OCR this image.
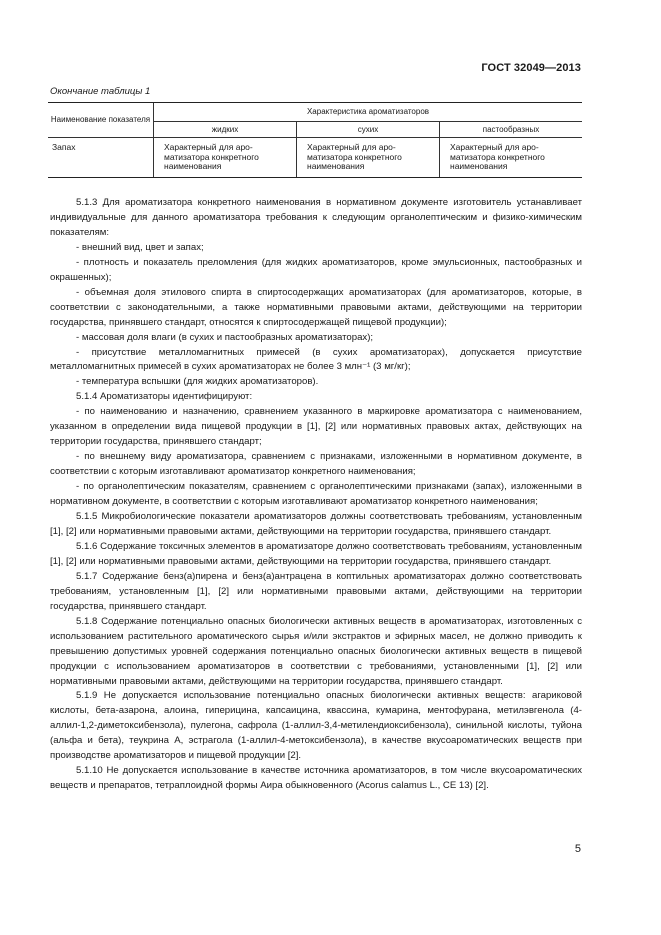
ГОСТ 32049—2013
Окончание таблицы 1
Наименование показателя	Характеристика ароматизаторов		
	жидких	сухих	пастообразных
Запах	Характерный для аро-матизатора конкретного наименования	Характерный для аро-матизатора конкретного наименования	Характерный для аро-матизатора конкретного наименования

5.1.3 Для ароматизатора конкретного наименования в нормативном документе изготовитель устанавливает индивидуальные для данного ароматизатора требования к следующим органолептическим и физико-химическим показателям:

- внешний вид, цвет и запах;

- плотность и показатель преломления (для жидких ароматизаторов, кроме эмульсионных, пастообразных и окрашенных);

- объемная доля этилового спирта в спиртосодержащих ароматизаторах (для ароматизаторов, которые, в соответствии с законодательными, а также нормативными правовыми актами, действующими на территории государства, принявшего стандарт, относятся к спиртосодержащей пищевой продукции);

- массовая доля влаги (в сухих и пастообразных ароматизаторах);

- присутствие металломагнитных примесей (в сухих ароматизаторах), допускается присутствие металломагнитных примесей в сухих ароматизаторах не более 3 млн⁻¹ (3 мг/кг);

- температура вспышки (для жидких ароматизаторов).

5.1.4 Ароматизаторы идентифицируют:

- по наименованию и назначению, сравнением указанного в маркировке ароматизатора с наименованием, указанном в определении вида пищевой продукции в [1], [2] или нормативных правовых актах, действующих на территории государства, принявшего стандарт;

- по внешнему виду ароматизатора, сравнением с признаками, изложенными в нормативном документе, в соответствии с которым изготавливают ароматизатор конкретного наименования;

- по органолептическим показателям, сравнением с органолептическими признаками (запах), изложенными в нормативном документе, в соответствии с которым изготавливают ароматизатор конкретного наименования;

5.1.5 Микробиологические показатели ароматизаторов должны соответствовать требованиям, установленным [1], [2] или нормативными правовыми актами, действующими на территории государства, принявшего стандарт.

5.1.6 Содержание токсичных элементов в ароматизаторе должно соответствовать требованиям, установленным [1], [2] или нормативными правовыми актами, действующими на территории государства, принявшего стандарт.

5.1.7 Содержание бенз(а)пирена и бенз(а)антрацена в коптильных ароматизаторах должно соответствовать требованиям, установленным [1], [2] или нормативными правовыми актами, действующими на территории государства, принявшего стандарт.

5.1.8 Содержание потенциально опасных биологически активных веществ в ароматизаторах, изготовленных с использованием растительного ароматического сырья и/или экстрактов и эфирных масел, не должно приводить к превышению допустимых уровней содержания потенциально опасных биологически активных веществ в пищевой продукции с использованием ароматизаторов в соответствии с требованиями, установленными [1], [2] или нормативными правовыми актами, действующими на территории государства, принявшего стандарт.

5.1.9 Не допускается использование потенциально опасных биологически активных веществ: агариковой кислоты, бета-азарона, алоина, гиперицина, капсаицина, квассина, кумарина, ментофурана, метилэвгенола (4-аллил-1,2-диметоксибензола), пулегона, сафрола (1-аллил-3,4-метилендиоксибензола), синильной кислоты, туйона (альфа и бета), теукрина А, эстрагола (1-аллил-4-метоксибензола), в качестве вкусоароматических веществ при производстве ароматизаторов и пищевой продукции [2].

5.1.10 Не допускается использование в качестве источника ароматизаторов, в том числе вкусоароматических веществ и препаратов, тетраплоидной формы Аира обыкновенного (Acorus calamus L., CE 13) [2].

5
